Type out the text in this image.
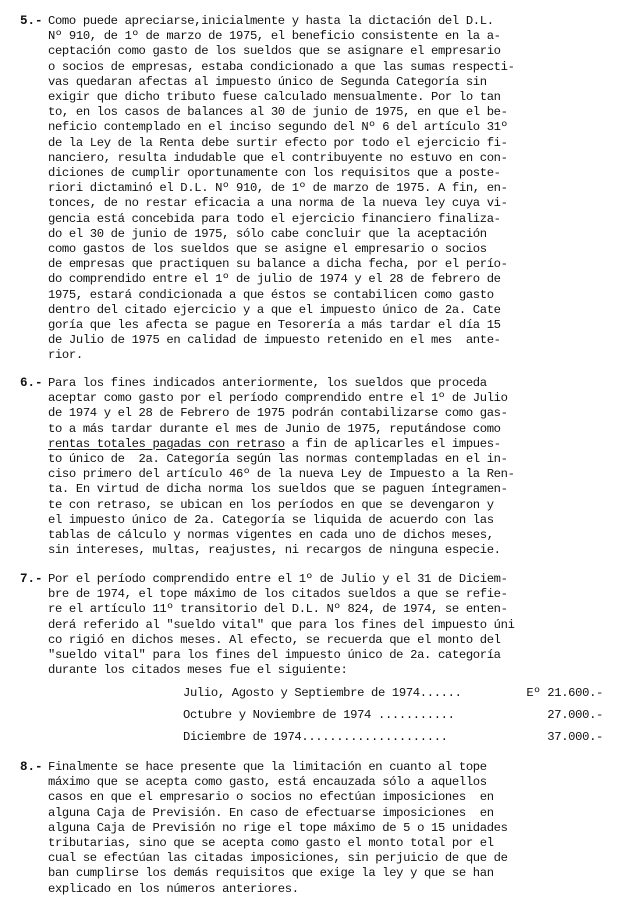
5.- Como puede apreciarse,inicialmente y hasta la dictación del D.L.
Nº 910, de 1º de marzo de 1975, el beneficio consistente en la a-
ceptación como gasto de los sueldos que se asignare el empresario
o socios de empresas, estaba condicionado a que las sumas respecti-
vas quedaran afectas al impuesto único de Segunda Categoría sin
exigir que dicho tributo fuese calculado mensualmente. Por lo tan
to, en los casos de balances al 30 de junio de 1975, en que el be-
neficio contemplado en el inciso segundo del Nº 6 del artículo 31º
de la Ley de la Renta debe surtir efecto por todo el ejercicio fi-
nanciero, resulta indudable que el contribuyente no estuvo en con-
diciones de cumplir oportunamente con los requisitos que a poste-
riori dictaminó el D.L. Nº 910, de 1º de marzo de 1975. A fin, en-
tonces, de no restar eficacia a una norma de la nueva ley cuya vi-
gencia está concebida para todo el ejercicio financiero finaliza-
do el 30 de junio de 1975, sólo cabe concluir que la aceptación
como gastos de los sueldos que se asigne el empresario o socios
de empresas que practiquen su balance a dicha fecha, por el perío-
do comprendido entre el 1º de julio de 1974 y el 28 de febrero de
1975, estará condicionada a que éstos se contabilicen como gasto
dentro del citado ejercicio y a que el impuesto único de 2a. Cate
goría que les afecta se pague en Tesorería a más tardar el día 15
de Julio de 1975 en calidad de impuesto retenido en el mes  ante-
rior.
6.- Para los fines indicados anteriormente, los sueldos que proceda
aceptar como gasto por el período comprendido entre el 1º de Julio
de 1974 y el 28 de Febrero de 1975 podrán contabilizarse como gas-
to a más tardar durante el mes de Junio de 1975, reputándose como
rentas totales pagadas con retraso a fin de aplicarles el impues-
to único de  2a. Categoría según las normas contempladas en el in-
ciso primero del artículo 46º de la nueva Ley de Impuesto a la Ren-
ta. En virtud de dicha norma los sueldos que se paguen íntegramen-
te con retraso, se ubican en los períodos en que se devengaron y
el impuesto único de 2a. Categoría se liquida de acuerdo con las
tablas de cálculo y normas vigentes en cada uno de dichos meses,
sin intereses, multas, reajustes, ni recargos de ninguna especie.
7.- Por el período comprendido entre el 1º de Julio y el 31 de Diciem-
bre de 1974, el tope máximo de los citados sueldos a que se refie-
re el artículo 11º transitorio del D.L. Nº 824, de 1974, se enten-
derá referido al "sueldo vital" que para los fines del impuesto úni
co rigió en dichos meses. Al efecto, se recuerda que el monto del
"sueldo vital" para los fines del impuesto único de 2a. categoría
durante los citados meses fue el siguiente:
Julio, Agosto y Septiembre de 1974......	Eº 21.600.-
Octubre y Noviembre de 1974 ...........	27.000.-
Diciembre de 1974.....................	37.000.-
8.- Finalmente se hace presente que la limitación en cuanto al tope
máximo que se acepta como gasto, está encauzada sólo a aquellos
casos en que el empresario o socios no efectúan imposiciones  en
alguna Caja de Previsión. En caso de efectuarse imposiciones  en
alguna Caja de Previsión no rige el tope máximo de 5 o 15 unidades
tributarias, sino que se acepta como gasto el monto total por el
cual se efectúan las citadas imposiciones, sin perjuicio de que de
ban cumplirse los demás requisitos que exige la ley y que se han
explicado en los números anteriores.
